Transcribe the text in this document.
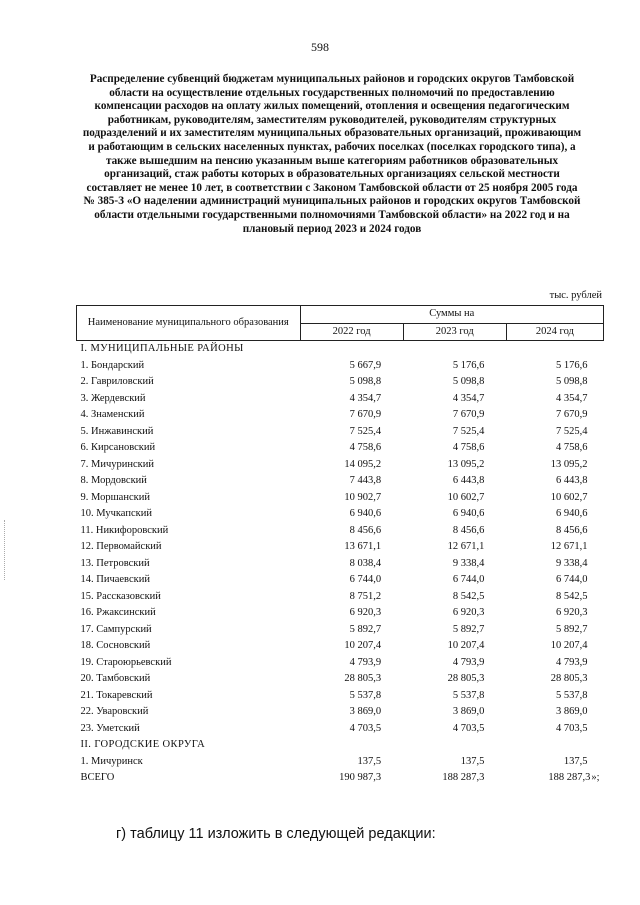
598
Распределение субвенций бюджетам муниципальных районов и городских округов Тамбовской области на осуществление отдельных государственных полномочий по предоставлению компенсации расходов на оплату жилых помещений, отопления и освещения педагогическим работникам, руководителям, заместителям руководителей, руководителям структурных подразделений и их заместителям муниципальных образовательных организаций, проживающим и работающим в сельских населенных пунктах, рабочих поселках (поселках городского типа), а также вышедшим на пенсию указанным выше категориям работников образовательных организаций, стаж работы которых в образовательных организациях сельской местности составляет не менее 10 лет, в соответствии с Законом Тамбовской области от 25 ноября 2005 года № 385-З «О наделении администраций муниципальных районов и городских округов Тамбовской области отдельными государственными полномочиями Тамбовской области» на 2022 год и на плановый период 2023 и 2024 годов
тыс. рублей
Наименование муниципального образования	Суммы на		
	2022 год	2023 год	2024 год
I. МУНИЦИПАЛЬНЫЕ РАЙОНЫ			
1. Бондарский	5 667,9	5 176,6	5 176,6
2. Гавриловский	5 098,8	5 098,8	5 098,8
3. Жердевский	4 354,7	4 354,7	4 354,7
4. Знаменский	7 670,9	7 670,9	7 670,9
5. Инжавинский	7 525,4	7 525,4	7 525,4
6. Кирсановский	4 758,6	4 758,6	4 758,6
7. Мичуринский	14 095,2	13 095,2	13 095,2
8. Мордовский	7 443,8	6 443,8	6 443,8
9. Моршанский	10 902,7	10 602,7	10 602,7
10. Мучкапский	6 940,6	6 940,6	6 940,6
11. Никифоровский	8 456,6	8 456,6	8 456,6
12. Первомайский	13 671,1	12 671,1	12 671,1
13. Петровский	8 038,4	9 338,4	9 338,4
14. Пичаевский	6 744,0	6 744,0	6 744,0
15. Рассказовский	8 751,2	8 542,5	8 542,5
16. Ржаксинский	6 920,3	6 920,3	6 920,3
17. Сампурский	5 892,7	5 892,7	5 892,7
18. Сосновский	10 207,4	10 207,4	10 207,4
19. Староюрьевский	4 793,9	4 793,9	4 793,9
20. Тамбовский	28 805,3	28 805,3	28 805,3
21. Токаревский	5 537,8	5 537,8	5 537,8
22. Уваровский	3 869,0	3 869,0	3 869,0
23. Уметский	4 703,5	4 703,5	4 703,5
II. ГОРОДСКИЕ ОКРУГА			
1. Мичуринск	137,5	137,5	137,5
ВСЕГО	190 987,3	188 287,3	188 287,3»;
г) таблицу 11 изложить в следующей редакции:
